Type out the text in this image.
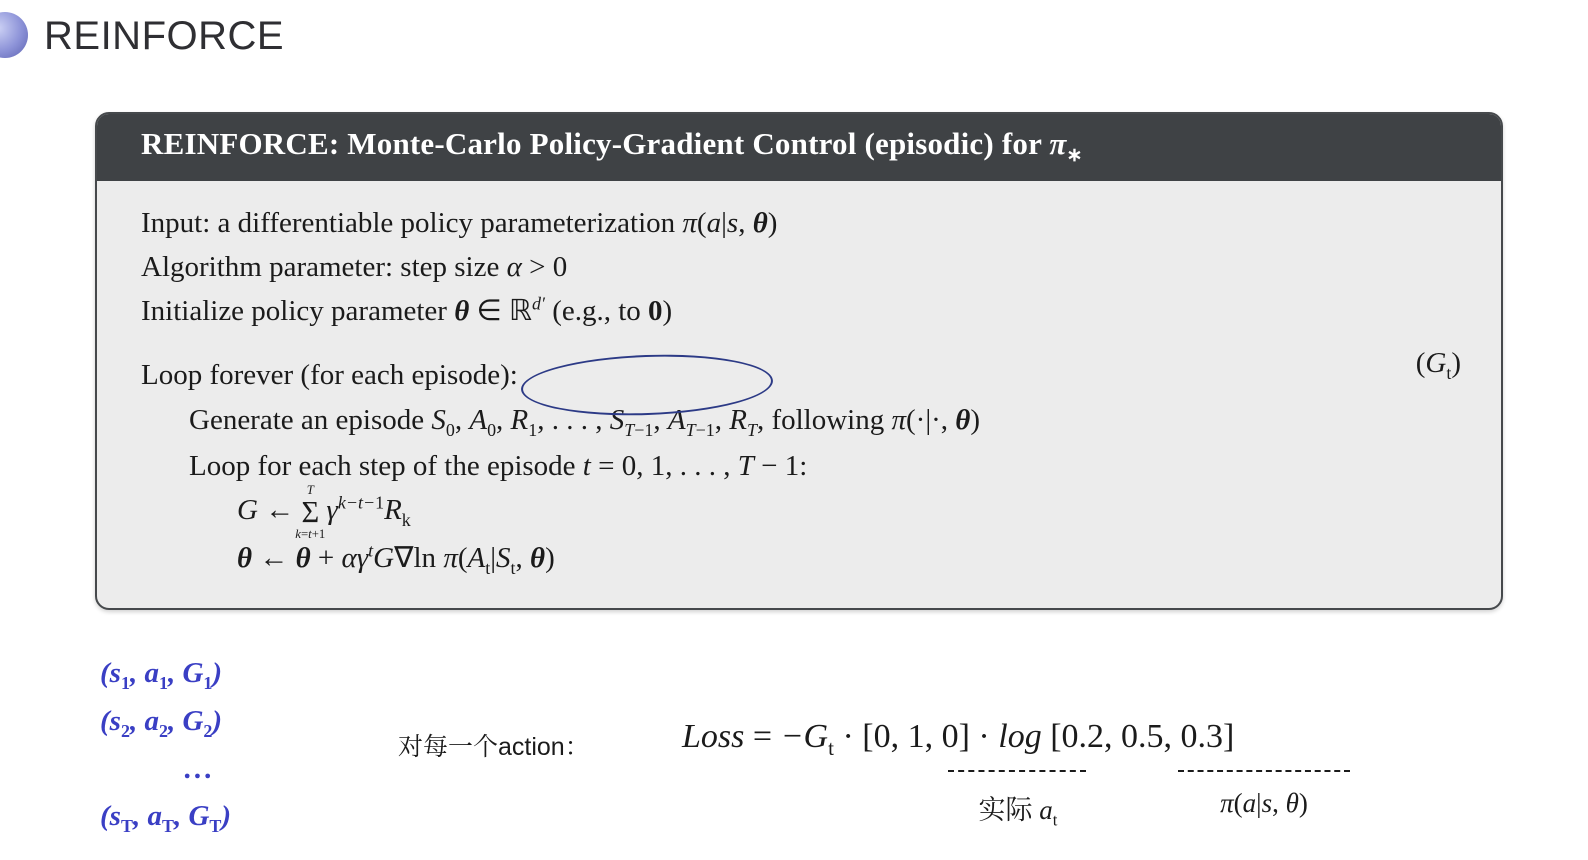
REINFORCE
REINFORCE: Monte-Carlo Policy-Gradient Control (episodic) for $\pi_∗$
Input: a differentiable policy parameterization π(a|s, θ)
Algorithm parameter: step size α > 0
Initialize policy parameter θ ∈ ℝ$^{d'}$ (e.g., to 0)
Loop forever (for each episode):
Generate an episode $S_0$, $A_0$, $R_1$, . . . , $S_{T-1}$, $A_{T-1}$, $R_T$, following π(·|·, θ)
Loop for each step of the episode t = 0, 1, . . . , T − 1:
G ←
T
Σ
k=t+1
$\gamma^{k-t-1}R_k$
θ ← $\theta + \alpha\gamma^tG\nabla\ln$ $\pi(A_t|S_t$, θ)
$(G_t)$
($s_1$, $a_1$, $G_1$)
($s_2$, $a_2$, $G_2$)
...
($s_T$, $a_T$, $G_T$)
对每一个action：	Loss = $-G_t \cdot [0$, 1, 0] · log [0.2, 0.5, 0.3]
实际 $a_t$
π(a|s, θ)
